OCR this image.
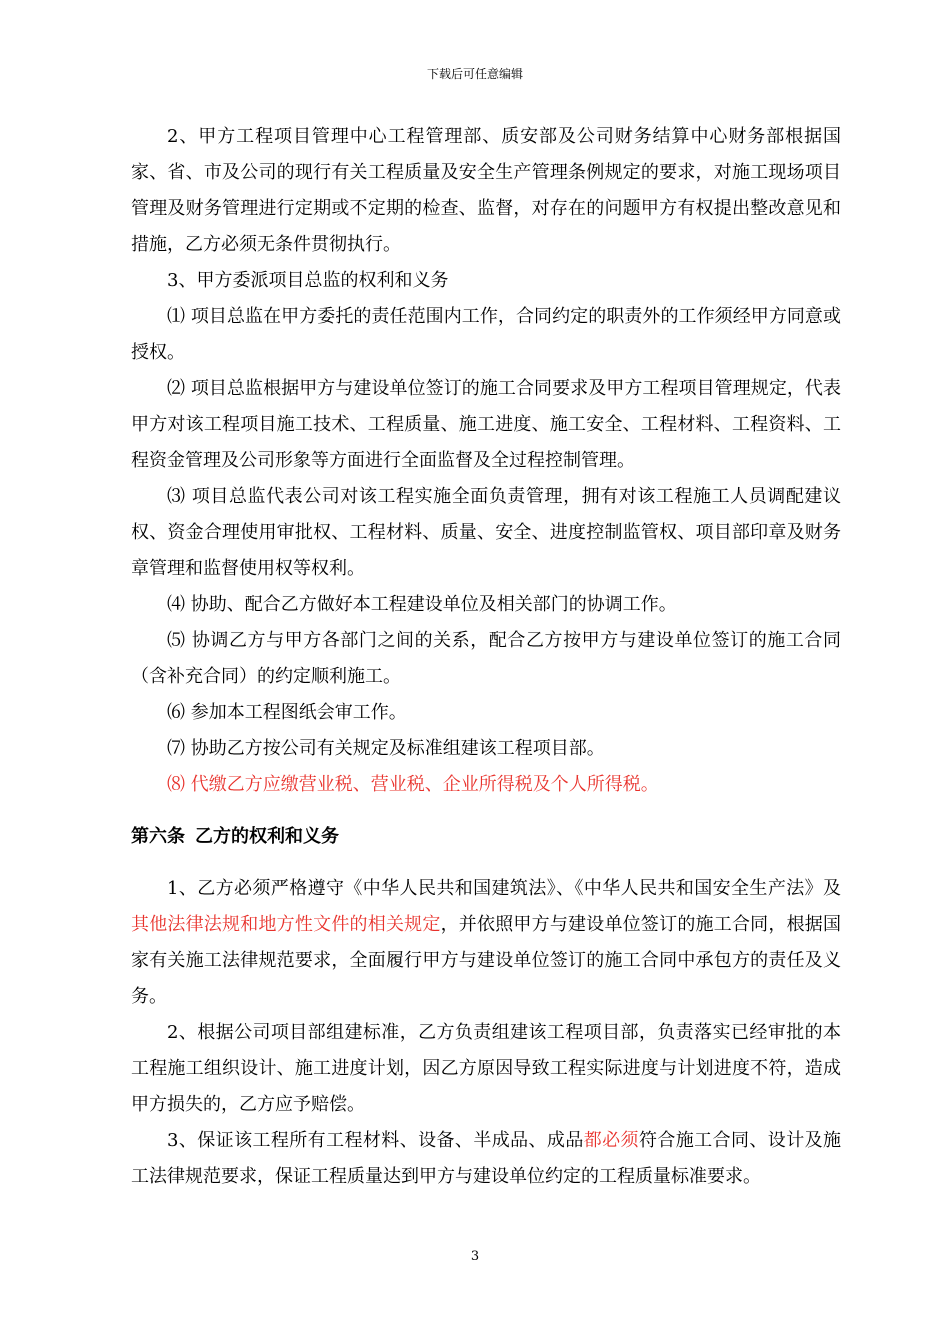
下载后可任意编辑

2、甲方工程项目管理中心工程管理部、质安部及公司财务结算中心财务部根据国家、省、市及公司的现行有关工程质量及安全生产管理条例规定的要求，对施工现场项目管理及财务管理进行定期或不定期的检查、监督，对存在的问题甲方有权提出整改意见和措施，乙方必须无条件贯彻执行。

3、甲方委派项目总监的权利和义务

⑴ 项目总监在甲方委托的责任范围内工作，合同约定的职责外的工作须经甲方同意或授权。

⑵ 项目总监根据甲方与建设单位签订的施工合同要求及甲方工程项目管理规定，代表甲方对该工程项目施工技术、工程质量、施工进度、施工安全、工程材料、工程资料、工程资金管理及公司形象等方面进行全面监督及全过程控制管理。

⑶ 项目总监代表公司对该工程实施全面负责管理，拥有对该工程施工人员调配建议权、资金合理使用审批权、工程材料、质量、安全、进度控制监管权、项目部印章及财务章管理和监督使用权等权利。

⑷ 协助、配合乙方做好本工程建设单位及相关部门的协调工作。

⑸ 协调乙方与甲方各部门之间的关系，配合乙方按甲方与建设单位签订的施工合同（含补充合同）的约定顺利施工。

⑹ 参加本工程图纸会审工作。

⑺ 协助乙方按公司有关规定及标准组建该工程项目部。

⑻ 代缴乙方应缴营业税、营业税、企业所得税及个人所得税。

第六条 乙方的权利和义务

1、乙方必须严格遵守《中华人民共和国建筑法》、《中华人民共和国安全生产法》及其他法律法规和地方性文件的相关规定，并依照甲方与建设单位签订的施工合同，根据国家有关施工法律规范要求，全面履行甲方与建设单位签订的施工合同中承包方的责任及义务。

2、根据公司项目部组建标准，乙方负责组建该工程项目部，负责落实已经审批的本工程施工组织设计、施工进度计划，因乙方原因导致工程实际进度与计划进度不符，造成甲方损失的，乙方应予赔偿。

3、保证该工程所有工程材料、设备、半成品、成品都必须符合施工合同、设计及施工法律规范要求，保证工程质量达到甲方与建设单位约定的工程质量标准要求。

3
